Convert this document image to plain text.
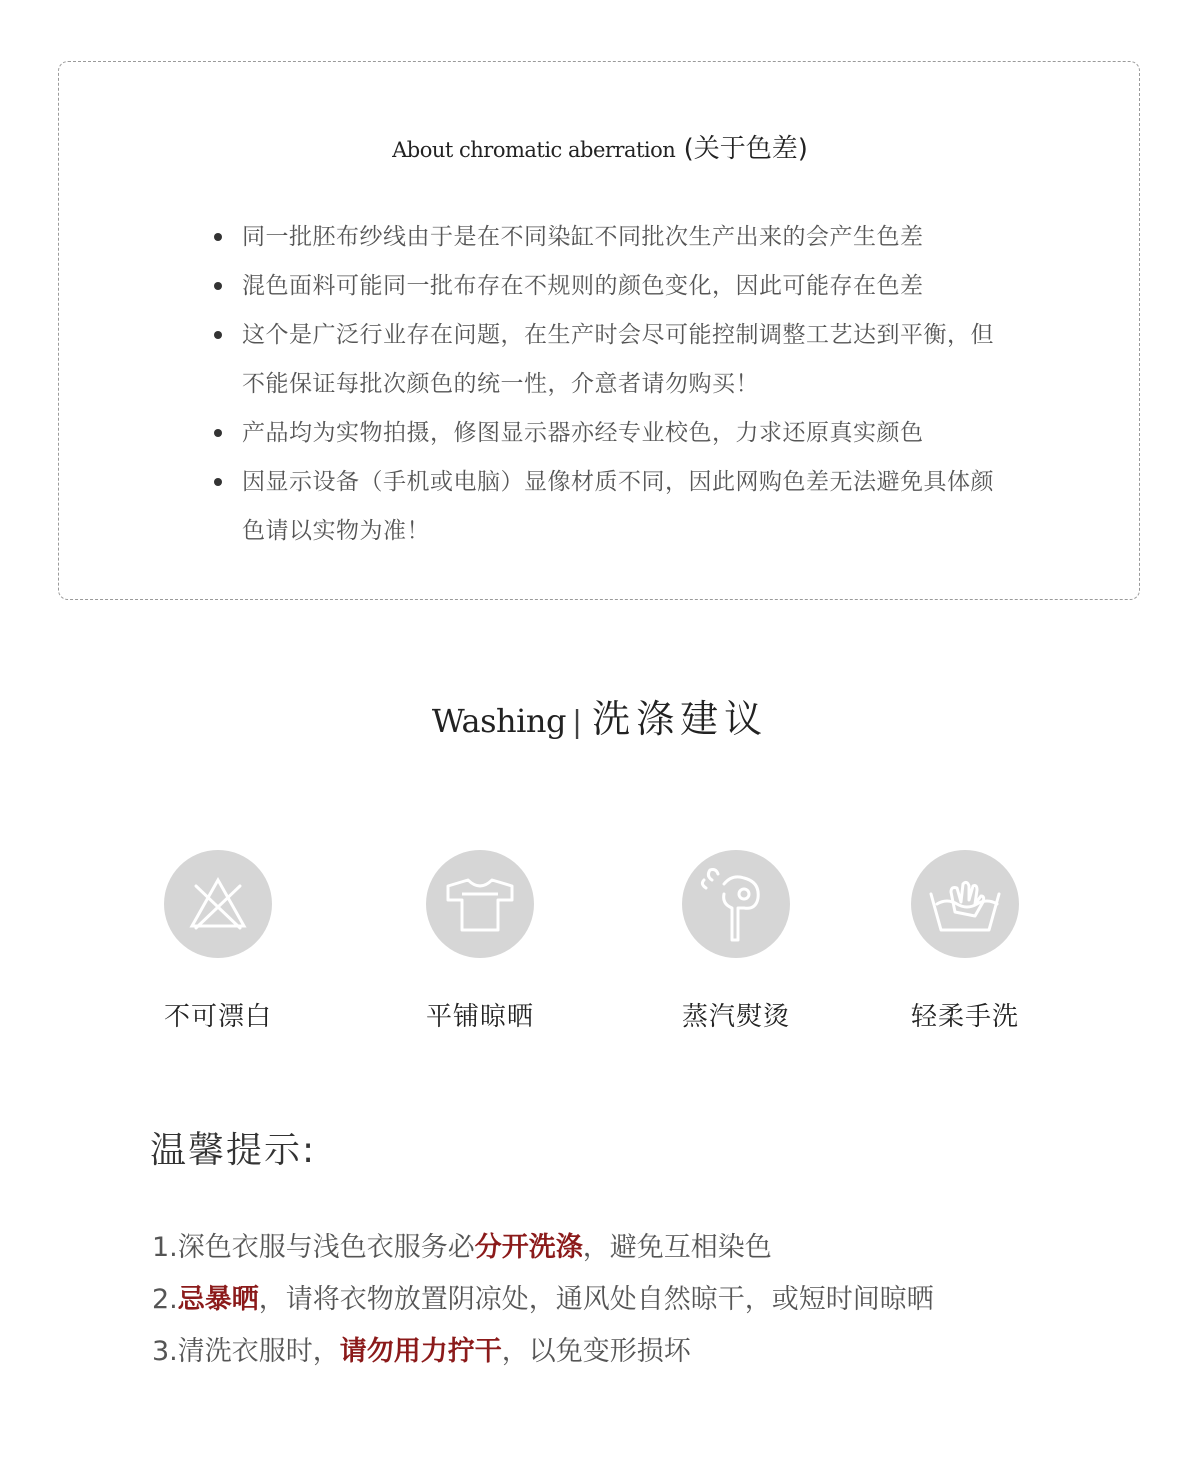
About chromatic aberration (关于色差)
同一批胚布纱线由于是在不同染缸不同批次生产出来的会产生色差
混色面料可能同一批布存在不规则的颜色变化，因此可能存在色差
这个是广泛行业存在问题，在生产时会尽可能控制调整工艺达到平衡，但不能保证每批次颜色的统一性，介意者请勿购买！
产品均为实物拍摄，修图显示器亦经专业校色，力求还原真实颜色
因显示设备（手机或电脑）显像材质不同，因此网购色差无法避免具体颜色请以实物为准！
Washing | 洗涤建议
不可漂白	平铺晾晒	蒸汽熨烫	轻柔手洗
温馨提示:
1.深色衣服与浅色衣服务必分开洗涤，避免互相染色
2.忌暴晒，请将衣物放置阴凉处，通风处自然晾干，或短时间晾晒
3.清洗衣服时，请勿用力拧干，以免变形损坏
